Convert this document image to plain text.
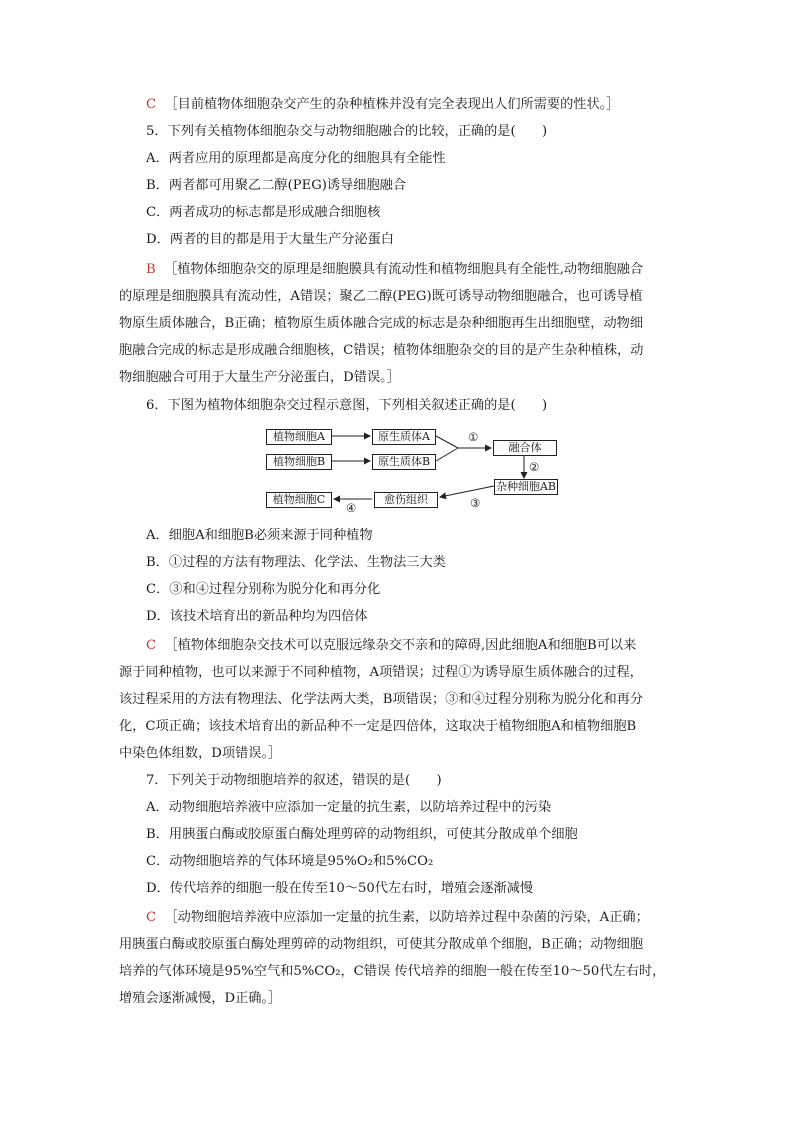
C ［目前植物体细胞杂交产生的杂种植株并没有完全表现出人们所需要的性状。］
5．下列有关植物体细胞杂交与动物细胞融合的比较，正确的是(　　)
A．两者应用的原理都是高度分化的细胞具有全能性
B．两者都可用聚乙二醇(PEG)诱导细胞融合
C．两者成功的标志都是形成融合细胞核
D．两者的目的都是用于大量生产分泌蛋白
B ［植物体细胞杂交的原理是细胞膜具有流动性和植物细胞具有全能性,动物细胞融合
的原理是细胞膜具有流动性，A错误；聚乙二醇(PEG)既可诱导动物细胞融合，也可诱导植
物原生质体融合，B正确；植物原生质体融合完成的标志是杂种细胞再生出细胞壁，动物细
胞融合完成的标志是形成融合细胞核，C错误；植物体细胞杂交的目的是产生杂种植株，动
物细胞融合可用于大量生产分泌蛋白，D错误。］
6．下图为植物体细胞杂交过程示意图，下列相关叙述正确的是(　　)
植物细胞A
植物细胞B
原生质体A
原生质体B
融合体
杂种细胞AB
愈伤组织
植物细胞C
①
②
③
④
A．细胞A和细胞B必须来源于同种植物
B．①过程的方法有物理法、化学法、生物法三大类
C．③和④过程分别称为脱分化和再分化
D．该技术培育出的新品种均为四倍体
C ［植物体细胞杂交技术可以克服远缘杂交不亲和的障碍,因此细胞A和细胞B可以来
源于同种植物，也可以来源于不同种植物，A项错误；过程①为诱导原生质体融合的过程，
该过程采用的方法有物理法、化学法两大类，B项错误；③和④过程分别称为脱分化和再分
化，C项正确；该技术培育出的新品种不一定是四倍体，这取决于植物细胞A和植物细胞B
中染色体组数，D项错误。］
7．下列关于动物细胞培养的叙述，错误的是(　　)
A．动物细胞培养液中应添加一定量的抗生素，以防培养过程中的污染
B．用胰蛋白酶或胶原蛋白酶处理剪碎的动物组织，可使其分散成单个细胞
C．动物细胞培养的气体环境是95%O₂和5%CO₂
D．传代培养的细胞一般在传至10～50代左右时，增殖会逐渐减慢
C ［动物细胞培养液中应添加一定量的抗生素，以防培养过程中杂菌的污染，A正确；
用胰蛋白酶或胶原蛋白酶处理剪碎的动物组织，可使其分散成单个细胞，B正确；动物细胞
培养的气体环境是95%空气和5%CO₂，C错误 传代培养的细胞一般在传至10～50代左右时，
增殖会逐渐减慢，D正确。］
